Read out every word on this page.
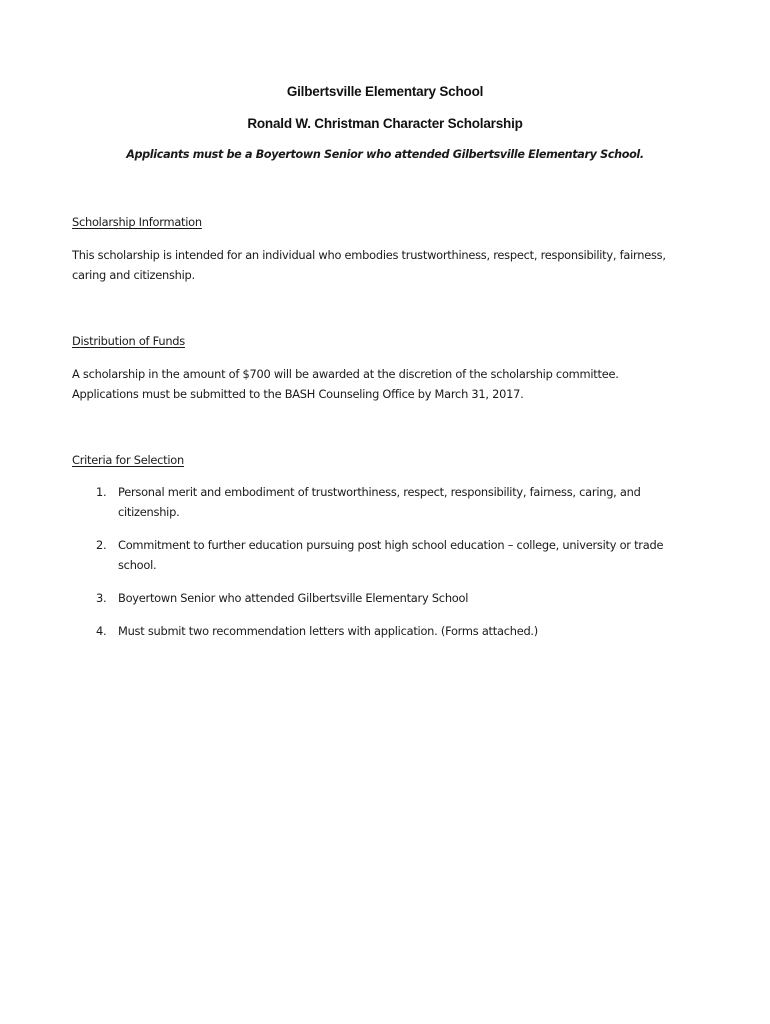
Gilbertsville Elementary School
Ronald W. Christman Character Scholarship
Applicants must be a Boyertown Senior who attended Gilbertsville Elementary School.
Scholarship Information

This scholarship is intended for an individual who embodies trustworthiness, respect, responsibility, fairness, caring and citizenship.

Distribution of Funds

A scholarship in the amount of $700 will be awarded at the discretion of the scholarship committee.
Applications must be submitted to the BASH Counseling Office by March 31, 2017.

Criteria for Selection
1. Personal merit and embodiment of trustworthiness, respect, responsibility, fairness, caring, and citizenship.
2. Commitment to further education pursuing post high school education – college, university or trade school.
3. Boyertown Senior who attended Gilbertsville Elementary School
4. Must submit two recommendation letters with application. (Forms attached.)
